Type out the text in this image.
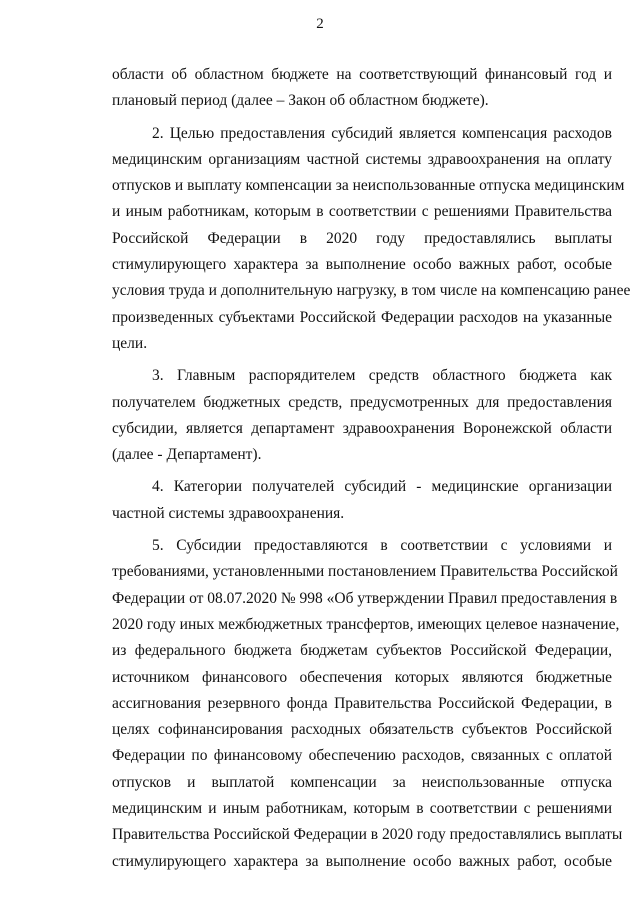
2
области об областном бюджете на соответствующий финансовый год и
плановый период (далее – Закон об областном бюджете).
2. Целью предоставления субсидий является компенсация расходов
медицинским организациям частной системы здравоохранения на оплату
отпусков и выплату компенсации за неиспользованные отпуска медицинским
и иным работникам, которым в соответствии с решениями Правительства
Российской Федерации в 2020 году предоставлялись выплаты
стимулирующего характера за выполнение особо важных работ, особые
условия труда и дополнительную нагрузку, в том числе на компенсацию ранее
произведенных субъектами Российской Федерации расходов на указанные
цели.
3. Главным распорядителем средств областного бюджета как
получателем бюджетных средств, предусмотренных для предоставления
субсидии, является департамент здравоохранения Воронежской области
(далее - Департамент).
4. Категории получателей субсидий - медицинские организации
частной системы здравоохранения.
5. Субсидии предоставляются в соответствии с условиями и
требованиями, установленными постановлением Правительства Российской
Федерации от 08.07.2020 № 998 «Об утверждении Правил предоставления в
2020 году иных межбюджетных трансфертов, имеющих целевое назначение,
из федерального бюджета бюджетам субъектов Российской Федерации,
источником финансового обеспечения которых являются бюджетные
ассигнования резервного фонда Правительства Российской Федерации, в
целях софинансирования расходных обязательств субъектов Российской
Федерации по финансовому обеспечению расходов, связанных с оплатой
отпусков и выплатой компенсации за неиспользованные отпуска
медицинским и иным работникам, которым в соответствии с решениями
Правительства Российской Федерации в 2020 году предоставлялись выплаты
стимулирующего характера за выполнение особо важных работ, особые
